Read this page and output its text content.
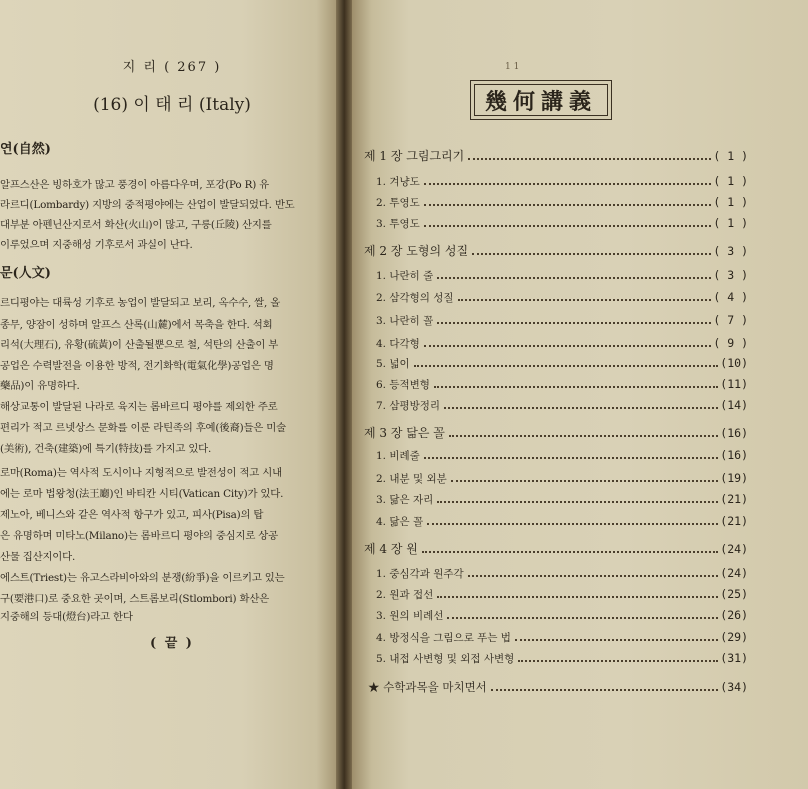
지 리 ( 267 )
(16) 이 태 리 (Italy)
연(自然)
알프스산은 빙하호가 많고 풍경이 아름다우며, 포강(Po R) 유
라르디(Lombardy) 지방의 중적평야에는 산업이 발달되었다. 반도
대부분 아펜닌산지로서 화산(火山)이 많고, 구릉(丘陵) 산지를
이루었으며 지중해성 기후로서 과실이 난다.
문(人文)
르디평야는 대륙성 기후로 농업이 발달되고 보리, 옥수수, 쌀, 올
종무, 양잠이 성하며 알프스 산록(山麓)에서 목축을 한다. 석회
리석(大理石), 유황(硫黃)이 산출될뿐으로 철, 석탄의 산출이 부
공업은 수력발전을 이용한 방적, 전기화학(電氣化學)공업은 명
藥品)이 유명하다.
해상교통이 발달된 나라로 육지는 롬바르디 평야를 제외한 주로
편리가 적고 르넷상스 문화를 이룬 라틴족의 후예(後裔)들은 미술
(美術), 건축(建築)에 특기(特技)를 가지고 있다.
로마(Roma)는 역사적 도시이나 지형적으로 발전성이 적고 시내
에는 로마 법왕청(法王廳)인 바티칸 시티(Vatican City)가 있다.
제노아, 베니스와 같은 역사적 항구가 있고, 피사(Pisa)의 탑
은 유명하며 미타노(Milano)는 롬바르디 평야의 중심지로 상공
산물 집산지이다.
에스트(Triest)는 유고스라비아와의 분쟁(紛爭)을 이르키고 있는
구(要港口)로 중요한 곳이며, 스트롬보리(Stlombori) 화산은
지중해의 등대(燈台)라고 한다
( 끝 )
1 1
幾何講義
제 1 장 그림그리기	( 1 )
1. 겨냥도	( 1 )
2. 투영도	( 1 )
3. 투영도	( 1 )
제 2 장 도형의 성질	( 3 )
1. 나란히 줄	( 3 )
2. 삼각형의 성질	( 4 )
3. 나란히 꼴	( 7 )
4. 다각형	( 9 )
5. 넓이	(10)
6. 등적변형	(11)
7. 삼평방정리	(14)
제 3 장 닮은 꼴	(16)
1. 비례줄	(16)
2. 내분 및 외분	(19)
3. 닮은 자리	(21)
4. 닮은 꼴	(21)
제 4 장 원	(24)
1. 중심각과 원주각	(24)
2. 원과 접선	(25)
3. 원의 비례선	(26)
4. 방정식을 그림으로 푸는 법	(29)
5. 내접 사변형 및 외접 사변형	(31)
★ 수학과목을 마치면서	(34)
